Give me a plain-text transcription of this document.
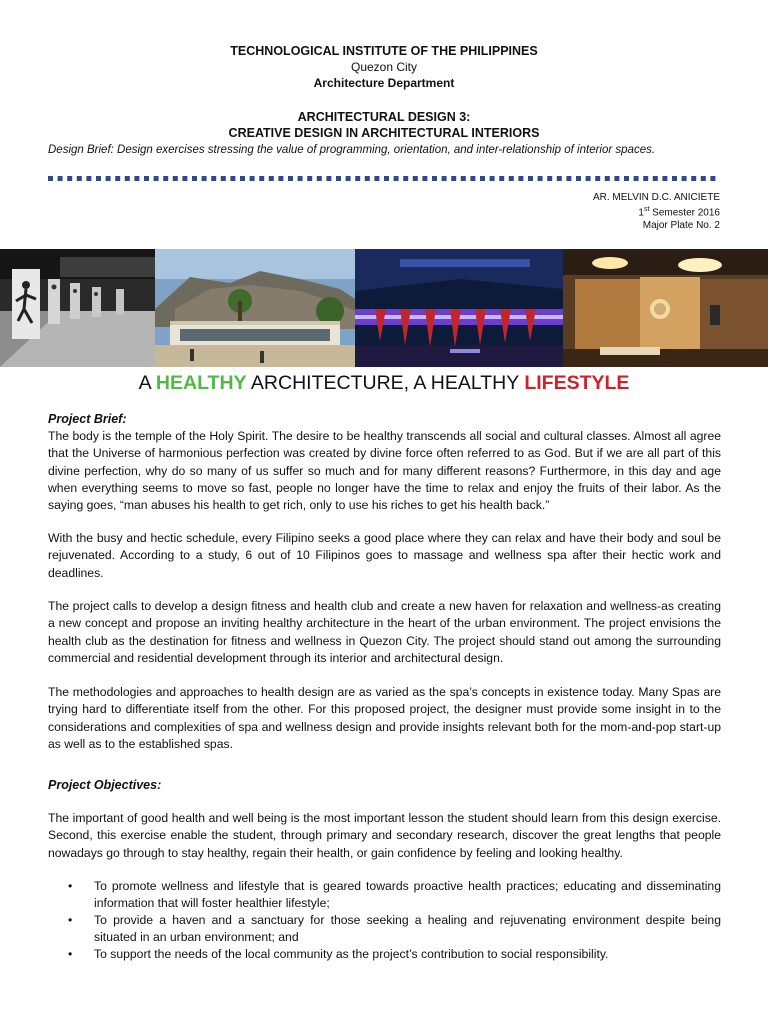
TECHNOLOGICAL INSTITUTE OF THE PHILIPPINES
Quezon City
Architecture Department
ARCHITECTURAL DESIGN 3:
CREATIVE DESIGN IN ARCHITECTURAL INTERIORS
Design Brief: Design exercises stressing the value of programming, orientation, and inter-relationship of interior spaces.
AR. MELVIN D.C. ANICIETE
1st Semester 2016
Major Plate No. 2
A HEALTHY ARCHITECTURE, A HEALTHY LIFESTYLE
Project Brief:

The body is the temple of the Holy Spirit. The desire to be healthy transcends all social and cultural classes. Almost all agree that the Universe of harmonious perfection was created by divine force often referred to as God. But if we are all part of this divine perfection, why do so many of us suffer so much and for many different reasons? Furthermore, in this day and age when everything seems to move so fast, people no longer have the time to relax and enjoy the fruits of their labor. As the saying goes, “man abuses his health to get rich, only to use his riches to get his health back.”

With the busy and hectic schedule, every Filipino seeks a good place where they can relax and have their body and soul be rejuvenated. According to a study, 6 out of 10 Filipinos goes to massage and wellness spa after their hectic work and deadlines.

The project calls to develop a design fitness and health club and create a new haven for relaxation and wellness-as creating a new concept and propose an inviting healthy architecture in the heart of the urban environment. The project envisions the health club as the destination for fitness and wellness in Quezon City. The project should stand out among the surrounding commercial and residential development through its interior and architectural design.

The methodologies and approaches to health design are as varied as the spa’s concepts in existence today. Many Spas are trying hard to differentiate itself from the other. For this proposed project, the designer must provide some insight in to the considerations and complexities of spa and wellness design and provide insights relevant both for the mom-and-pop start-up as well as to the established spas.

Project Objectives:

The important of good health and well being is the most important lesson the student should learn from this design exercise. Second, this exercise enable the student, through primary and secondary research, discover the great lengths that people nowadays go through to stay healthy, regain their health, or gain confidence by feeling and looking healthy.

• To promote wellness and lifestyle that is geared towards proactive health practices; educating and disseminating information that will foster healthier lifestyle;
• To provide a haven and a sanctuary for those seeking a healing and rejuvenating environment despite being situated in an urban environment; and
• To support the needs of the local community as the project’s contribution to social responsibility.
